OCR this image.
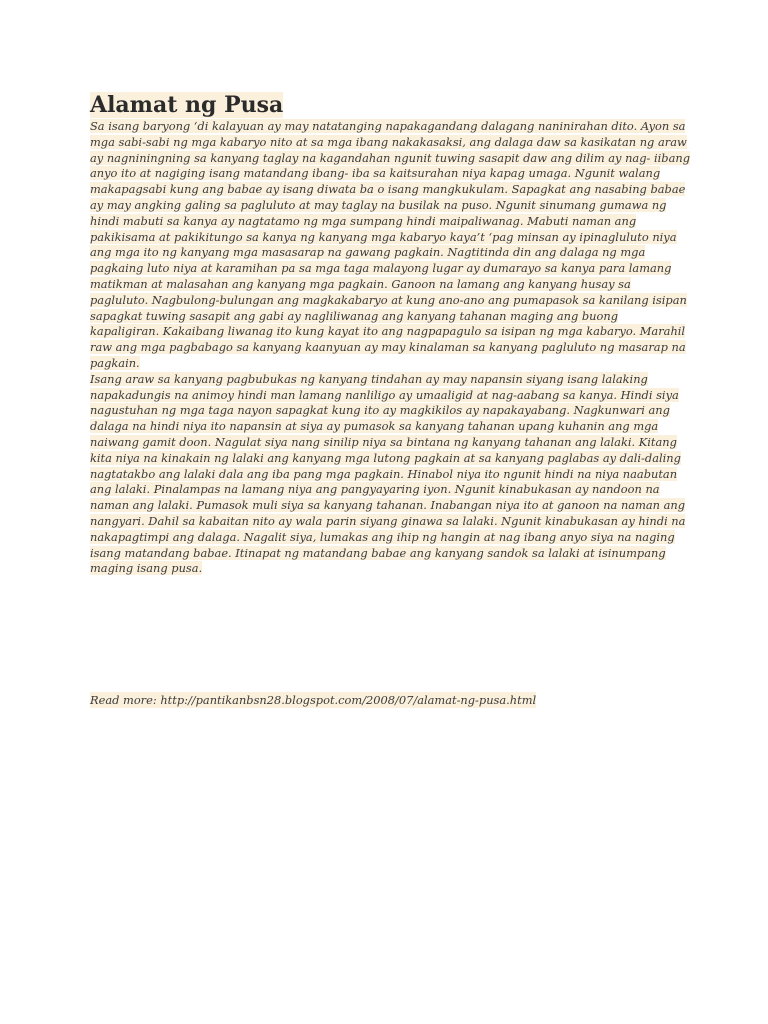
Alamat ng Pusa

Sa isang baryong ‘di kalayuan ay may natatanging napakagandang dalagang naninirahan dito. Ayon sa mga sabi-sabi ng mga kabaryo nito at sa mga ibang nakakasaksi, ang dalaga daw sa kasikatan ng araw ay nagniningning sa kanyang taglay na kagandahan ngunit tuwing sasapit daw ang dilim ay nag- iibang anyo ito at nagiging isang matandang ibang- iba sa kaitsurahan niya kapag umaga. Ngunit walang makapagsabi kung ang babae ay isang diwata ba o isang mangkukulam. Sapagkat ang nasabing babae ay may angking galing sa pagluluto at may taglay na busilak na puso. Ngunit sinumang gumawa ng hindi mabuti sa kanya ay nagtatamo ng mga sumpang hindi maipaliwanag. Mabuti naman ang pakikisama at pakikitungo sa kanya ng kanyang mga kabaryo kaya’t ‘pag minsan ay ipinagluluto niya ang mga ito ng kanyang mga masasarap na gawang pagkain. Nagtitinda din ang dalaga ng mga pagkaing luto niya at karamihan pa sa mga taga malayong lugar ay dumarayo sa kanya para lamang matikman at malasahan ang kanyang mga pagkain. Ganoon na lamang ang kanyang husay sa pagluluto. Nagbulong-bulungan ang magkakabaryo at kung ano-ano ang pumapasok sa kanilang isipan sapagkat tuwing sasapit ang gabi ay nagliliwanag ang kanyang tahanan maging ang buong kapaligiran. Kakaibang liwanag ito kung kayat ito ang nagpapagulo sa isipan ng mga kabaryo. Marahil raw ang mga pagbabago sa kanyang kaanyuan ay may kinalaman sa kanyang pagluluto ng masarap na pagkain.

Isang araw sa kanyang pagbubukas ng kanyang tindahan ay may napansin siyang isang lalaking napakadungis na animoy hindi man lamang nanliligo ay umaaligid at nag-aabang sa kanya. Hindi siya nagustuhan ng mga taga nayon sapagkat kung ito ay magkikilos ay napakayabang. Nagkunwari ang dalaga na hindi niya ito napansin at siya ay pumasok sa kanyang tahanan upang kuhanin ang mga naiwang gamit doon. Nagulat siya nang sinilip niya sa bintana ng kanyang tahanan ang lalaki. Kitang kita niya na kinakain ng lalaki ang kanyang mga lutong pagkain at sa kanyang paglabas ay dali-daling nagtatakbo ang lalaki dala ang iba pang mga pagkain. Hinabol niya ito ngunit hindi na niya naabutan ang lalaki. Pinalampas na lamang niya ang pangyayaring iyon. Ngunit kinabukasan ay nandoon na naman ang lalaki. Pumasok muli siya sa kanyang tahanan. Inabangan niya ito at ganoon na naman ang nangyari. Dahil sa kabaitan nito ay wala parin siyang ginawa sa lalaki. Ngunit kinabukasan ay hindi na nakapagtimpi ang dalaga. Nagalit siya, lumakas ang ihip ng hangin at nag ibang anyo siya na naging isang matandang babae. Itinapat ng matandang babae ang kanyang sandok sa lalaki at isinumpang maging isang pusa.

Read more: http://pantikanbsn28.blogspot.com/2008/07/alamat-ng-pusa.html
